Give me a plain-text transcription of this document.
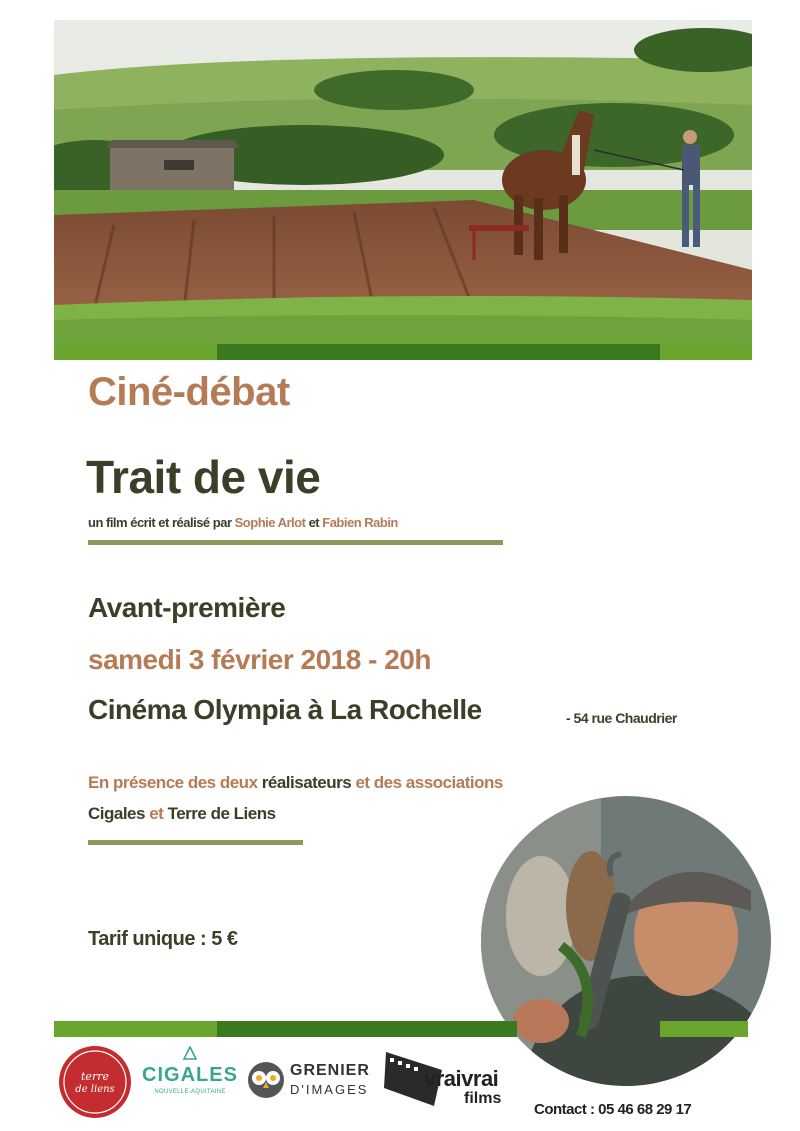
Ciné-débat
Trait de vie
un film écrit et réalisé par Sophie Arlot et Fabien Rabin
Avant-première
samedi 3 février 2018 - 20h
Cinéma Olympia à La Rochelle	- 54 rue Chaudrier
En présence des deux réalisateurs et des associations
Cigales et Terre de Liens
Tarif unique : 5 €
terre
de liens
CIGALES
NOUVELLE-AQUITAINE
GRENIER
D'IMAGES	vraivrai
films
Contact : 05 46 68 29 17
